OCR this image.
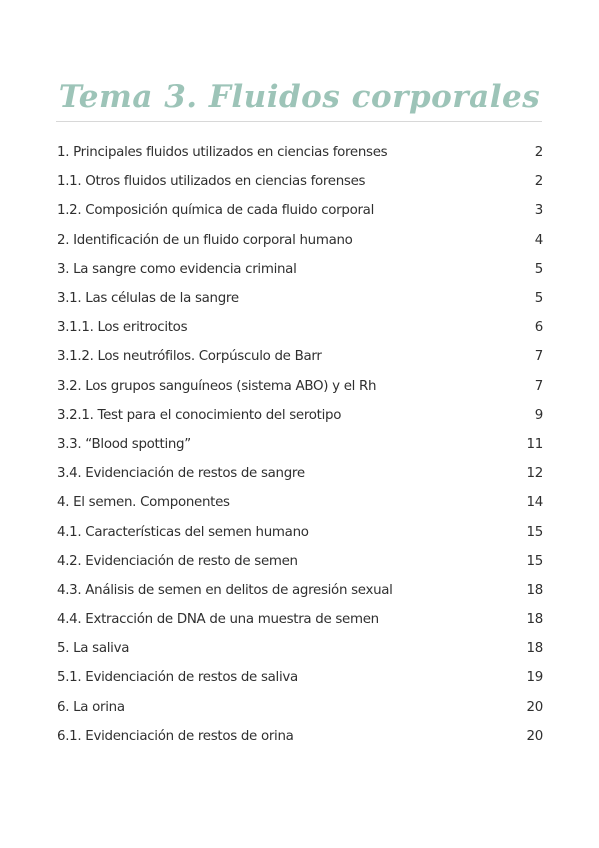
Tema 3. Fluidos corporales
1. Principales fluidos utilizados en ciencias forenses	2
1.1. Otros fluidos utilizados en ciencias forenses	2
1.2. Composición química de cada fluido corporal	3
2. Identificación de un fluido corporal humano	4
3. La sangre como evidencia criminal	5
3.1. Las células de la sangre	5
3.1.1. Los eritrocitos	6
3.1.2. Los neutrófilos. Corpúsculo de Barr	7
3.2. Los grupos sanguíneos (sistema ABO) y el Rh	7
3.2.1. Test para el conocimiento del serotipo	9
3.3. “Blood spotting”	11
3.4. Evidenciación de restos de sangre	12
4. El semen. Componentes	14
4.1. Características del semen humano	15
4.2. Evidenciación de resto de semen	15
4.3. Análisis de semen en delitos de agresión sexual	18
4.4. Extracción de DNA de una muestra de semen	18
5. La saliva	18
5.1. Evidenciación de restos de saliva	19
6. La orina	20
6.1. Evidenciación de restos de orina	20
